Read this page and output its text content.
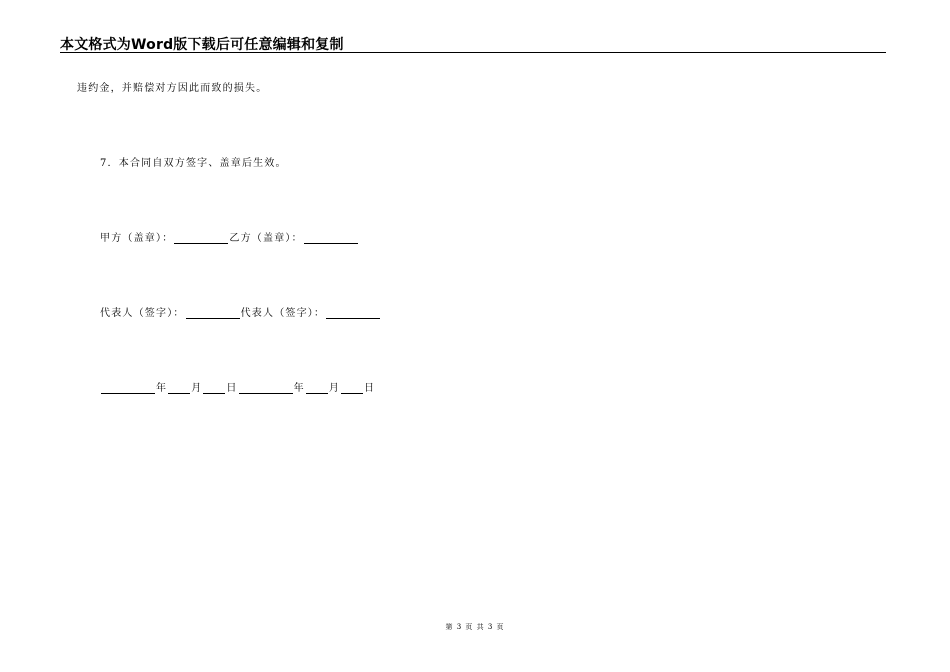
本文格式为Word版下载后可任意编辑和复制
违约金，并赔偿对方因此而致的损失。
7．本合同自双方签字、盖章后生效。
甲方（盖章）：	乙方（盖章）：
代表人（签字）：	代表人（签字）：
年 月 日	年 月 日
第 3 页 共 3 页
